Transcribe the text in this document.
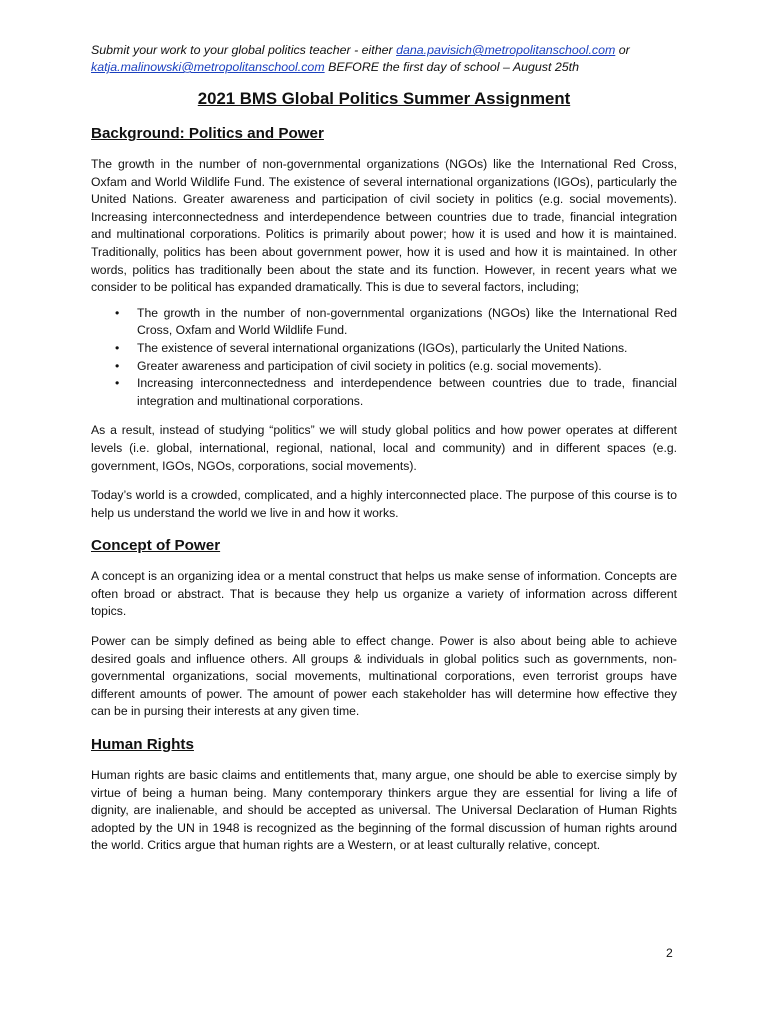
Submit your work to your global politics teacher - either dana.pavisich@metropolitanschool.com or katja.malinowski@metropolitanschool.com BEFORE the first day of school – August 25th

2021 BMS Global Politics Summer Assignment
Background: Politics and Power

The growth in the number of non-governmental organizations (NGOs) like the International Red Cross, Oxfam and World Wildlife Fund. The existence of several international organizations (IGOs), particularly the United Nations. Greater awareness and participation of civil society in politics (e.g. social movements). Increasing interconnectedness and interdependence between countries due to trade, financial integration and multinational corporations. Politics is primarily about power; how it is used and how it is maintained. Traditionally, politics has been about government power, how it is used and how it is maintained. In other words, politics has traditionally been about the state and its function. However, in recent years what we consider to be political has expanded dramatically. This is due to several factors, including;

• The growth in the number of non-governmental organizations (NGOs) like the International Red Cross, Oxfam and World Wildlife Fund.
• The existence of several international organizations (IGOs), particularly the United Nations.
• Greater awareness and participation of civil society in politics (e.g. social movements).
• Increasing interconnectedness and interdependence between countries due to trade, financial integration and multinational corporations.

As a result, instead of studying “politics” we will study global politics and how power operates at different levels (i.e. global, international, regional, national, local and community) and in different spaces (e.g. government, IGOs, NGOs, corporations, social movements).

Today’s world is a crowded, complicated, and a highly interconnected place. The purpose of this course is to help us understand the world we live in and how it works.

Concept of Power

A concept is an organizing idea or a mental construct that helps us make sense of information. Concepts are often broad or abstract. That is because they help us organize a variety of information across different topics.

Power can be simply defined as being able to effect change. Power is also about being able to achieve desired goals and influence others. All groups & individuals in global politics such as governments, non-governmental organizations, social movements, multinational corporations, even terrorist groups have different amounts of power. The amount of power each stakeholder has will determine how effective they can be in pursing their interests at any given time.

Human Rights

Human rights are basic claims and entitlements that, many argue, one should be able to exercise simply by virtue of being a human being. Many contemporary thinkers argue they are essential for living a life of dignity, are inalienable, and should be accepted as universal. The Universal Declaration of Human Rights adopted by the UN in 1948 is recognized as the beginning of the formal discussion of human rights around the world. Critics argue that human rights are a Western, or at least culturally relative, concept.

2
